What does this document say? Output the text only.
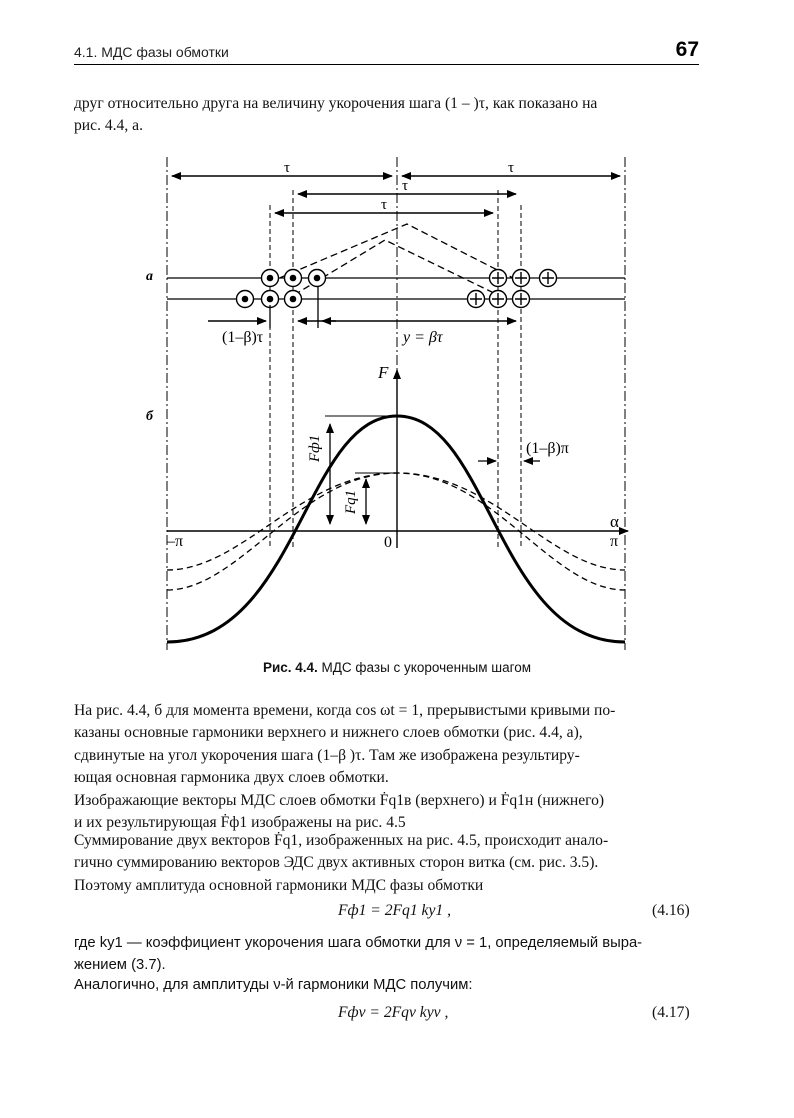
4.1. МДС фазы обмотки	67
друг относительно друга на величину укорочения шага (1 – )τ, как показано на
рис. 4.4, а.
τ	τ
τ
τ
а
(1–β)τ	y = βτ
б
F
α
–π	0	π
Fф1
Fq1
(1–β)π
Рис. 4.4. МДС фазы с укороченным шагом
На рис. 4.4, б для момента времени, когда cos ωt = 1, прерывистыми кривыми по-
казаны основные гармоники верхнего и нижнего слоев обмотки (рис. 4.4, а),
сдвинутые на угол укорочения шага (1–β )τ. Там же изображена результиру-
ющая основная гармоника двух слоев обмотки.
Изображающие векторы МДС слоев обмотки Ḟq1в (верхнего) и Ḟq1н (нижнего)
и их результирующая Ḟф1 изображены на рис. 4.5
Суммирование двух векторов Ḟq1, изображенных на рис. 4.5, происходит анало-
гично суммированию векторов ЭДС двух активных сторон витка (см. рис. 3.5).
Поэтому амплитуда основной гармоники МДС фазы обмотки
Fф1 = 2Fq1 ky1 ,	(4.16)
где ky1 — коэффициент укорочения шага обмотки для ν = 1, определяемый выра-
жением (3.7).
Аналогично, для амплитуды ν-й гармоники МДС получим:
Fфν = 2Fqν kyν ,	(4.17)
